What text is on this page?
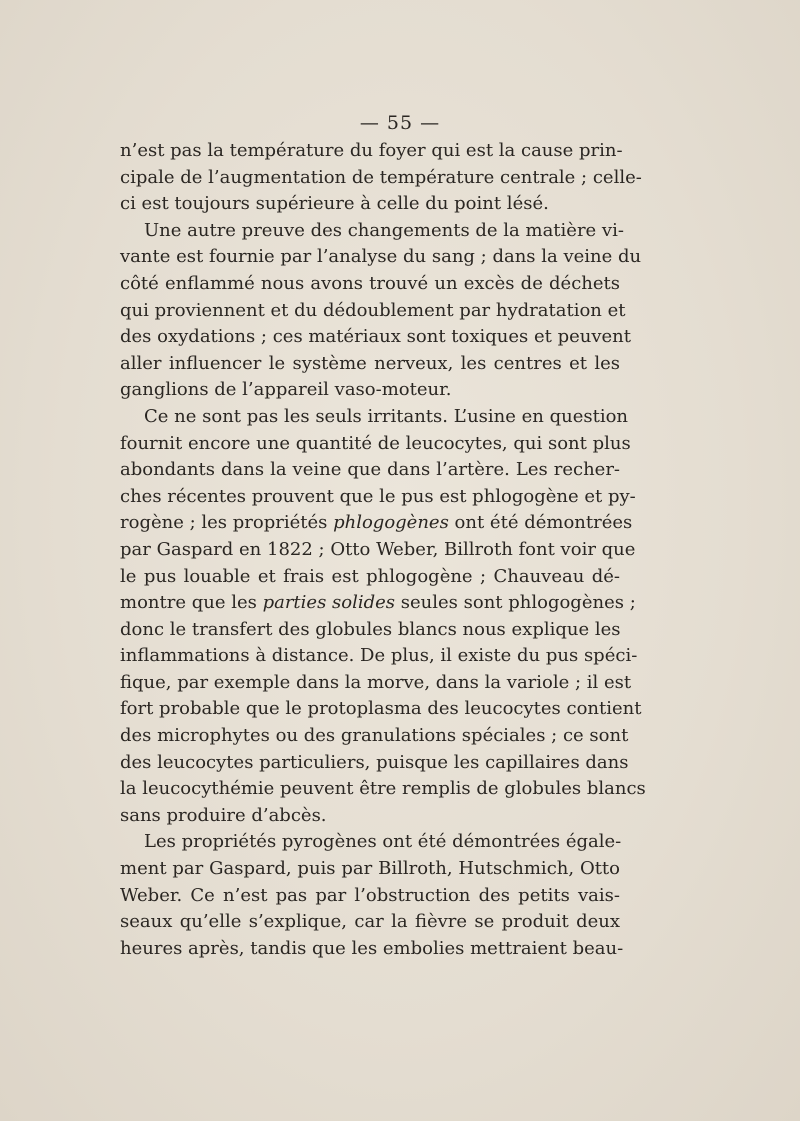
— 55 —
n’est pas la température du foyer qui est la cause prin-
cipale de l’augmentation de température centrale ; celle-
ci est toujours supérieure à celle du point lésé.
Une autre preuve des changements de la matière vi-
vante est fournie par l’analyse du sang ; dans la veine du
côté enflammé nous avons trouvé un excès de déchets
qui proviennent et du dédoublement par hydratation et
des oxydations ; ces matériaux sont toxiques et peuvent
aller influencer le système nerveux, les centres et les
ganglions de l’appareil vaso-moteur.
Ce ne sont pas les seuls irritants. L’usine en question
fournit encore une quantité de leucocytes, qui sont plus
abondants dans la veine que dans l’artère. Les recher-
ches récentes prouvent que le pus est phlogogène et py-
rogène ; les propriétés phlogogènes ont été démontrées
par Gaspard en 1822 ; Otto Weber, Billroth font voir que
le pus louable et frais est phlogogène ; Chauveau dé-
montre que les parties solides seules sont phlogogènes ;
donc le transfert des globules blancs nous explique les
inflammations à distance. De plus, il existe du pus spéci-
fique, par exemple dans la morve, dans la variole ; il est
fort probable que le protoplasma des leucocytes contient
des microphytes ou des granulations spéciales ; ce sont
des leucocytes particuliers, puisque les capillaires dans
la leucocythémie peuvent être remplis de globules blancs
sans produire d’abcès.
Les propriétés pyrogènes ont été démontrées égale-
ment par Gaspard, puis par Billroth, Hutschmich, Otto
Weber. Ce n’est pas par l’obstruction des petits vais-
seaux qu’elle s’explique, car la fièvre se produit deux
heures après, tandis que les embolies mettraient beau-
